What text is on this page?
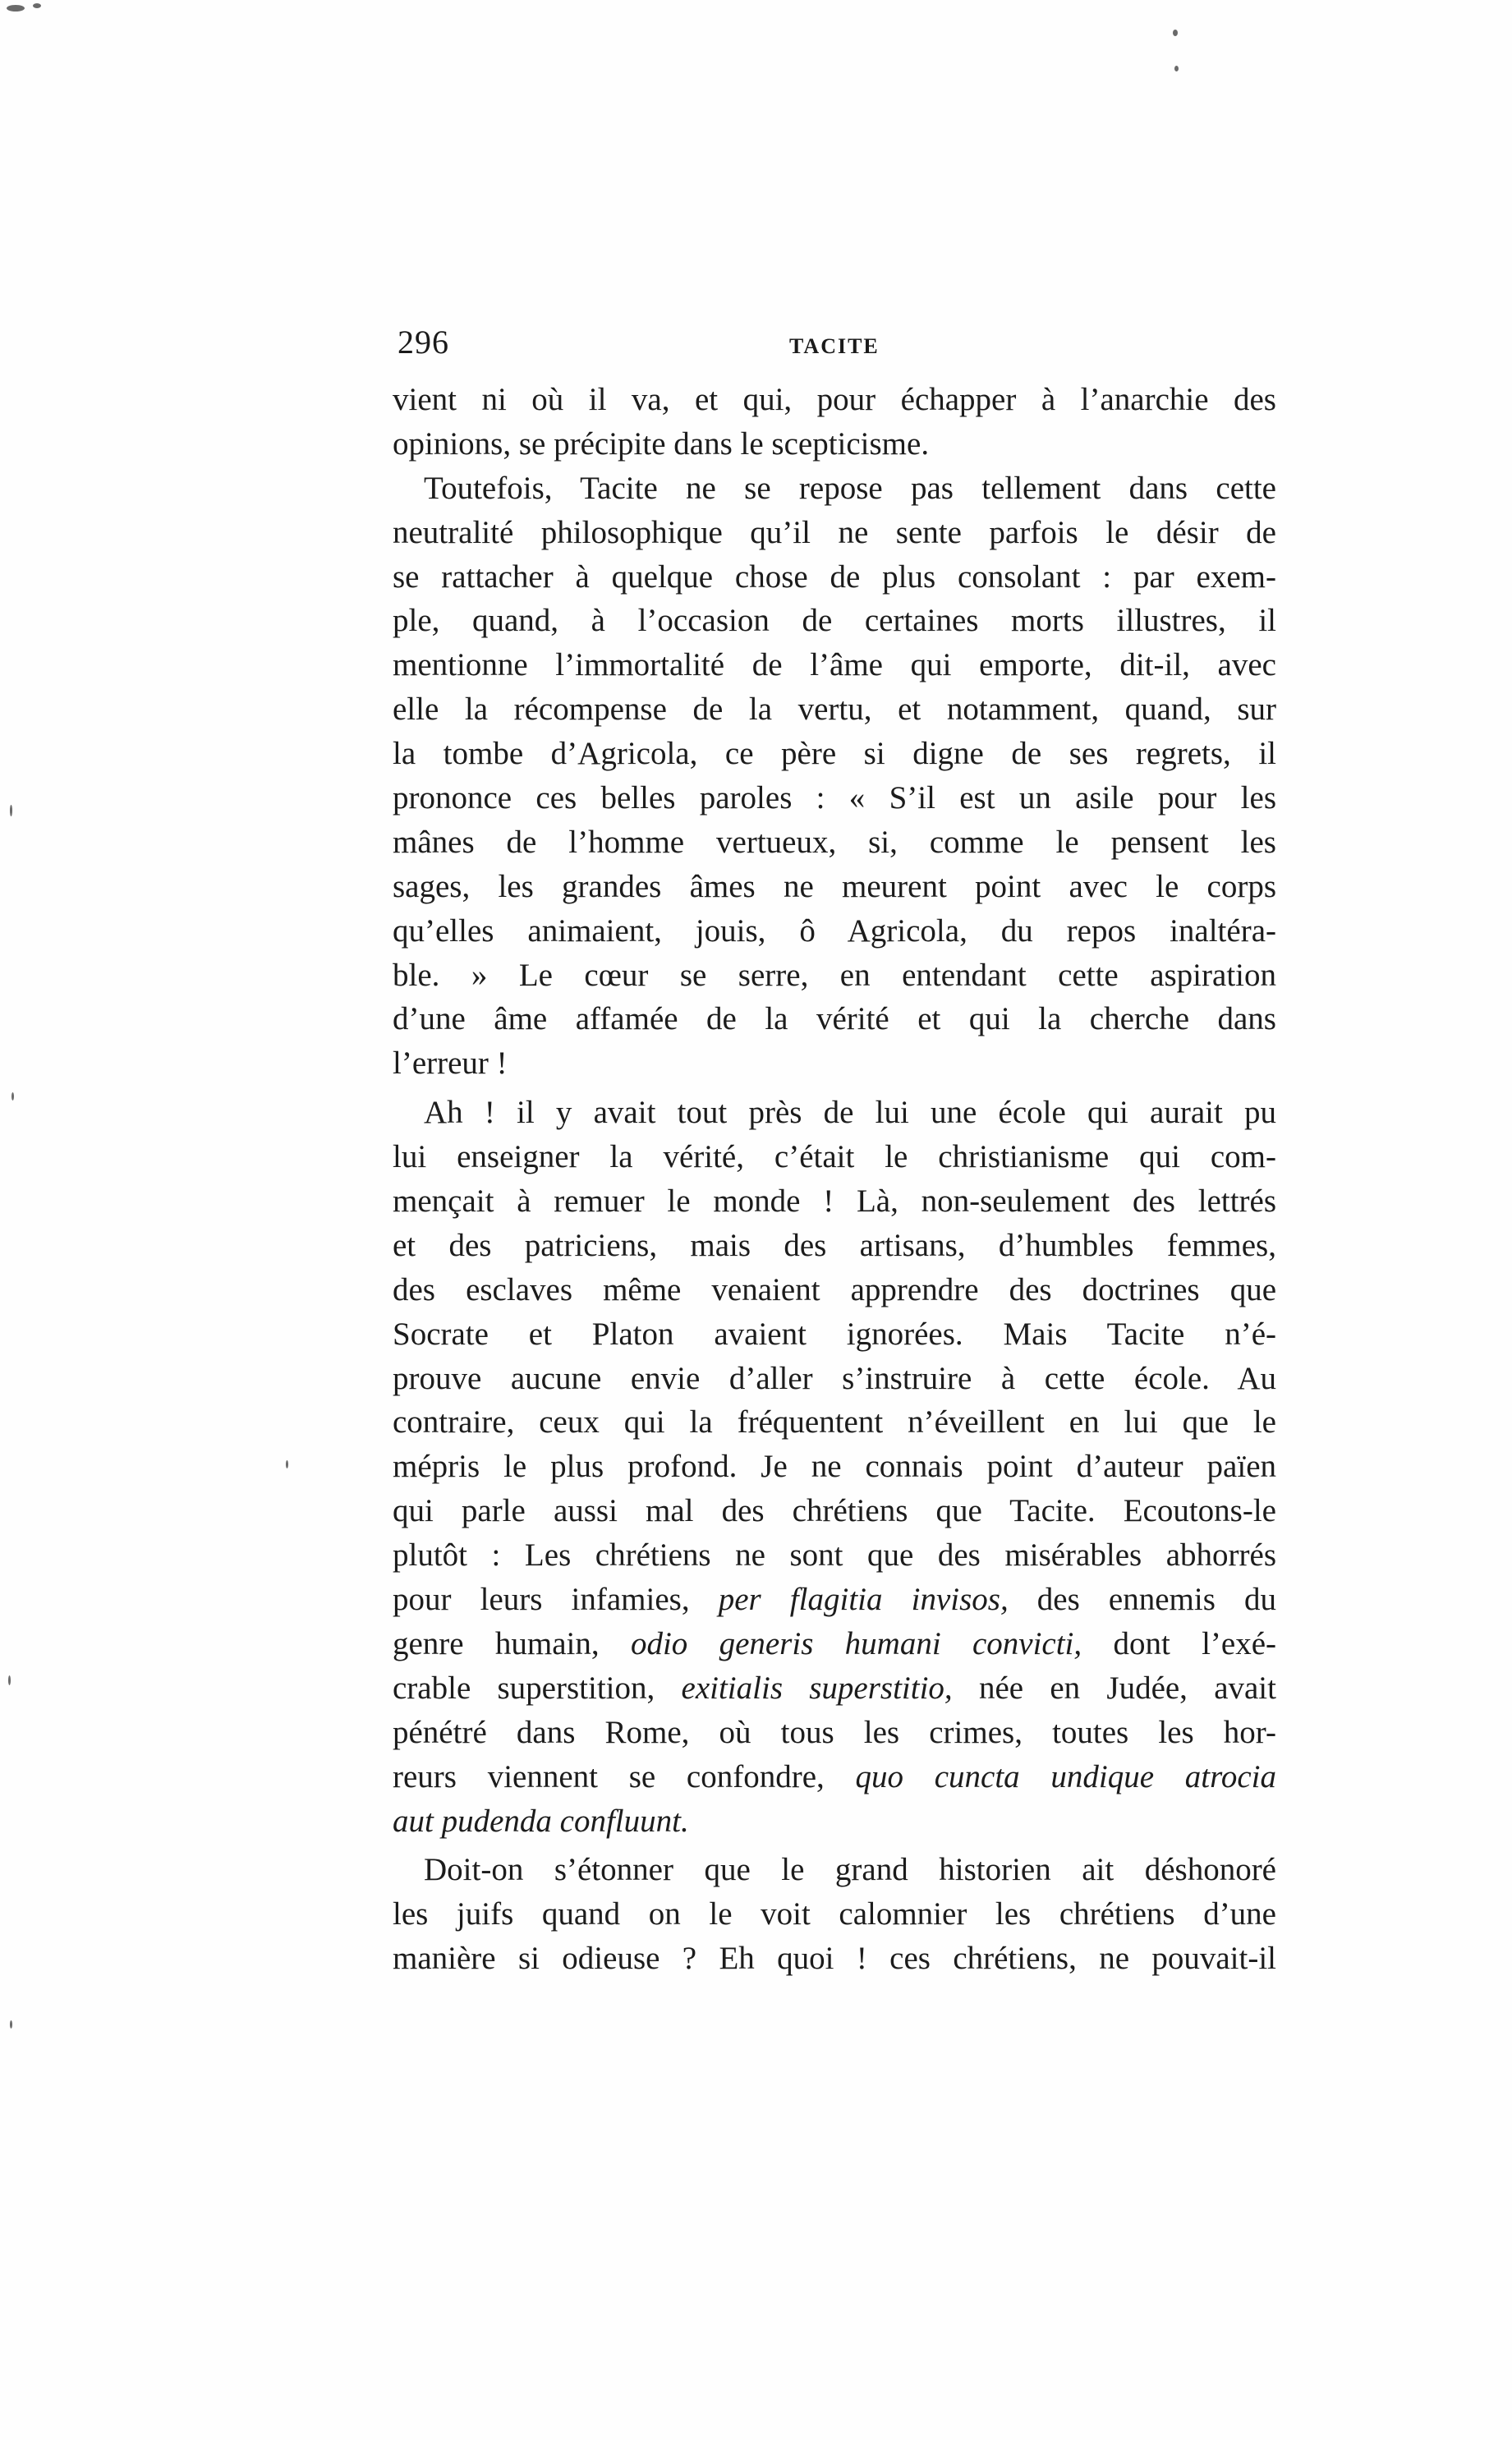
296	TACITE
vient ni où il va, et qui, pour échapper à l’anarchie des
opinions, se précipite dans le scepticisme.
Toutefois, Tacite ne se repose pas tellement dans cette
neutralité philosophique qu’il ne sente parfois le désir de
se rattacher à quelque chose de plus consolant : par exem-
ple, quand, à l’occasion de certaines morts illustres, il
mentionne l’immortalité de l’âme qui emporte, dit-il, avec
elle la récompense de la vertu, et notamment, quand, sur
la tombe d’Agricola, ce père si digne de ses regrets, il
prononce ces belles paroles : « S’il est un asile pour les
mânes de l’homme vertueux, si, comme le pensent les
sages, les grandes âmes ne meurent point avec le corps
qu’elles animaient, jouis, ô Agricola, du repos inaltéra-
ble. » Le cœur se serre, en entendant cette aspiration
d’une âme affamée de la vérité et qui la cherche dans
l’erreur !
Ah ! il y avait tout près de lui une école qui aurait pu
lui enseigner la vérité, c’était le christianisme qui com-
mençait à remuer le monde ! Là, non-seulement des lettrés
et des patriciens, mais des artisans, d’humbles femmes,
des esclaves même venaient apprendre des doctrines que
Socrate et Platon avaient ignorées. Mais Tacite n’é-
prouve aucune envie d’aller s’instruire à cette école. Au
contraire, ceux qui la fréquentent n’éveillent en lui que le
mépris le plus profond. Je ne connais point d’auteur païen
qui parle aussi mal des chrétiens que Tacite. Ecoutons-le
plutôt : Les chrétiens ne sont que des misérables abhorrés
pour leurs infamies, per flagitia invisos, des ennemis du
genre humain, odio generis humani convicti, dont l’exé-
crable superstition, exitialis superstitio, née en Judée, avait
pénétré dans Rome, où tous les crimes, toutes les hor-
reurs viennent se confondre, quo cuncta undique atrocia
aut pudenda confluunt.
Doit-on s’étonner que le grand historien ait déshonoré
les juifs quand on le voit calomnier les chrétiens d’une
manière si odieuse ? Eh quoi ! ces chrétiens, ne pouvait-il
